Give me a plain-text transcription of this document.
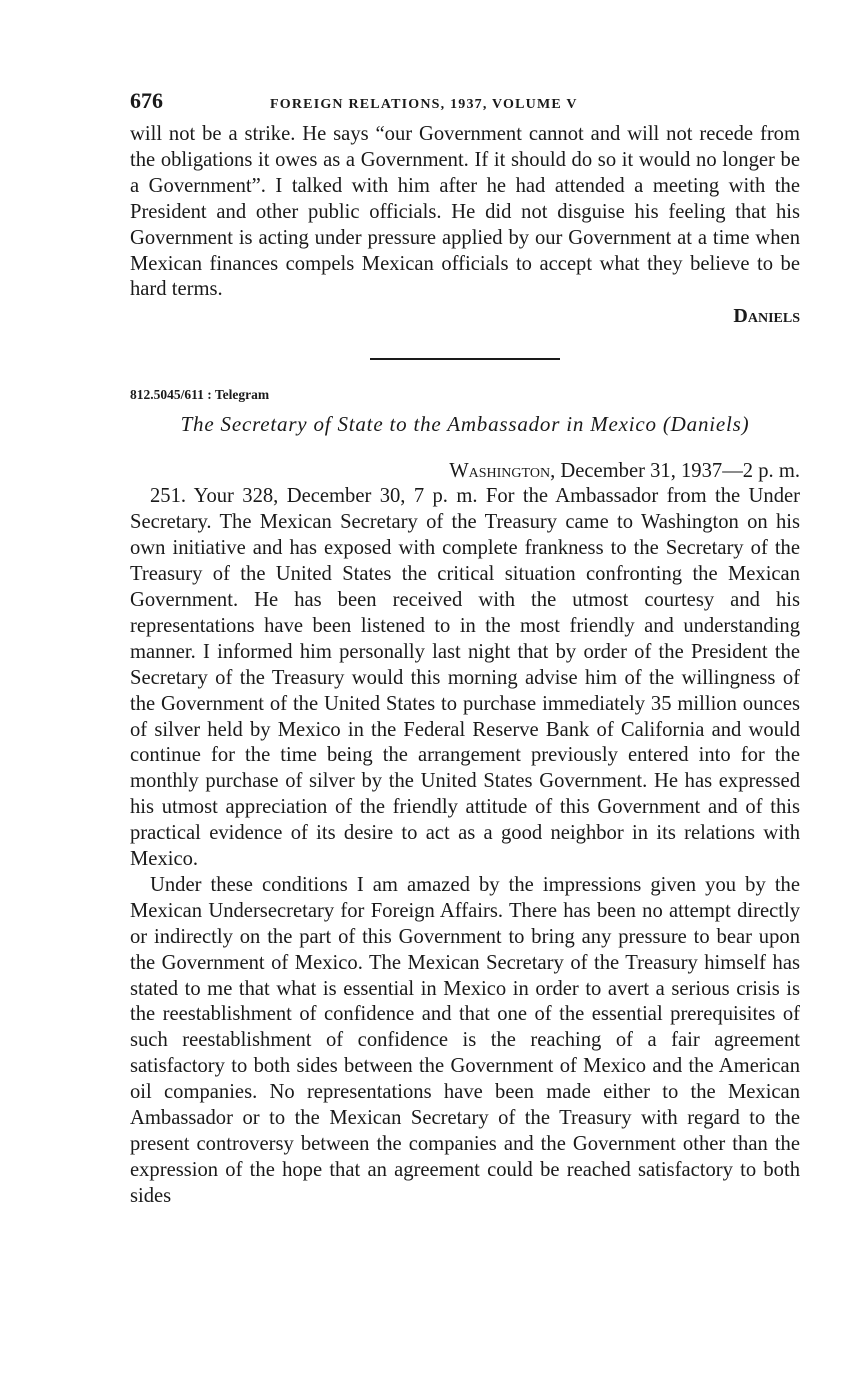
676	FOREIGN RELATIONS, 1937, VOLUME V

will not be a strike. He says “our Government cannot and will not recede from the obligations it owes as a Government. If it should do so it would no longer be a Government”. I talked with him after he had attended a meeting with the President and other public officials. He did not disguise his feeling that his Government is acting under pressure applied by our Government at a time when Mexican finances compels Mexican officials to accept what they believe to be hard terms.

Daniels

812.5045/611 : Telegram
The Secretary of State to the Ambassador in Mexico (Daniels)
Washington, December 31, 1937—2 p. m.

251. Your 328, December 30, 7 p. m. For the Ambassador from the Under Secretary. The Mexican Secretary of the Treasury came to Washington on his own initiative and has exposed with complete frankness to the Secretary of the Treasury of the United States the critical situation confronting the Mexican Government. He has been received with the utmost courtesy and his representations have been listened to in the most friendly and understanding manner. I informed him personally last night that by order of the President the Secretary of the Treasury would this morning advise him of the willingness of the Government of the United States to purchase immediately 35 million ounces of silver held by Mexico in the Federal Reserve Bank of California and would continue for the time being the arrangement previously entered into for the monthly purchase of silver by the United States Government. He has expressed his utmost appreciation of the friendly attitude of this Government and of this practical evidence of its desire to act as a good neighbor in its relations with Mexico.

Under these conditions I am amazed by the impressions given you by the Mexican Undersecretary for Foreign Affairs. There has been no attempt directly or indirectly on the part of this Government to bring any pressure to bear upon the Government of Mexico. The Mexican Secretary of the Treasury himself has stated to me that what is essential in Mexico in order to avert a serious crisis is the reestablishment of confidence and that one of the essential prerequisites of such reestablishment of confidence is the reaching of a fair agreement satisfactory to both sides between the Government of Mexico and the American oil companies. No representations have been made either to the Mexican Ambassador or to the Mexican Secretary of the Treasury with regard to the present controversy between the companies and the Government other than the expression of the hope that an agreement could be reached satisfactory to both sides
